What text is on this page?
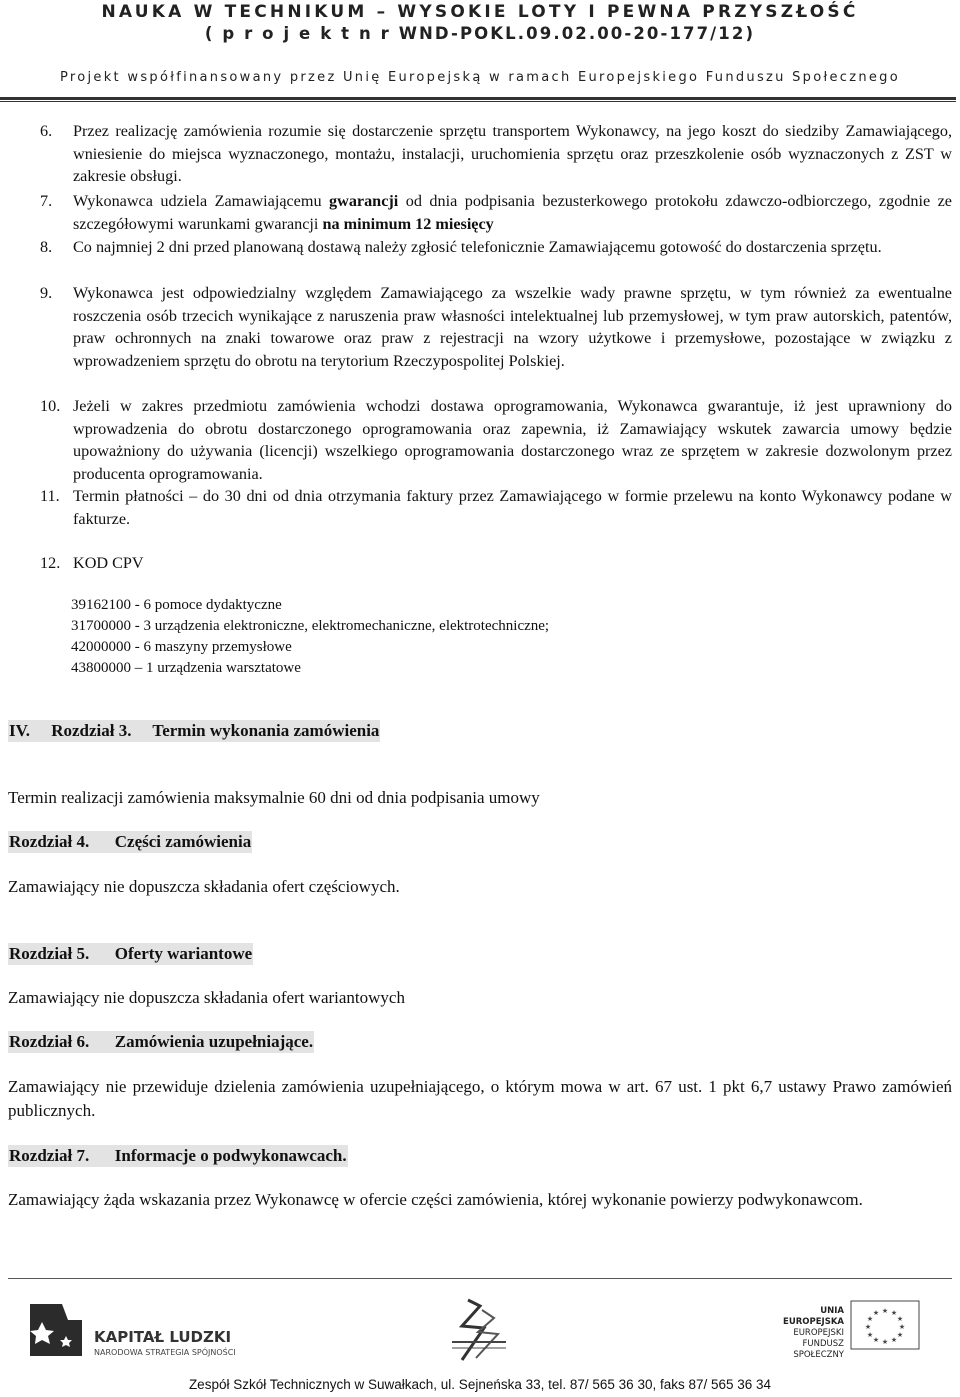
NAUKA W TECHNIKUM – WYSOKIE LOTY I PEWNA PRZYSZŁOŚĆ
( p r o j e k t n r WND-POKL.09.02.00-20-177/12)
Projekt współfinansowany przez Unię Europejską w ramach Europejskiego Funduszu Społecznego
6. Przez realizację zamówienia rozumie się dostarczenie sprzętu transportem Wykonawcy, na jego koszt do siedziby Zamawiającego, wniesienie do miejsca wyznaczonego, montażu, instalacji, uruchomienia sprzętu oraz przeszkolenie osób wyznaczonych z ZST w zakresie obsługi.
7. Wykonawca udziela Zamawiającemu gwarancji od dnia podpisania bezusterkowego protokołu zdawczo-odbiorczego, zgodnie ze szczegółowymi warunkami gwarancji na minimum 12 miesięcy
8. Co najmniej 2 dni przed planowaną dostawą należy zgłosić telefonicznie Zamawiającemu gotowość do dostarczenia sprzętu.
9. Wykonawca jest odpowiedzialny względem Zamawiającego za wszelkie wady prawne sprzętu, w tym również za ewentualne roszczenia osób trzecich wynikające z naruszenia praw własności intelektualnej lub przemysłowej, w tym praw autorskich, patentów, praw ochronnych na znaki towarowe oraz praw z rejestracji na wzory użytkowe i przemysłowe, pozostające w związku z wprowadzeniem sprzętu do obrotu na terytorium Rzeczypospolitej Polskiej.
10. Jeżeli w zakres przedmiotu zamówienia wchodzi dostawa oprogramowania, Wykonawca gwarantuje, iż jest uprawniony do wprowadzenia do obrotu dostarczonego oprogramowania oraz zapewnia, iż Zamawiający wskutek zawarcia umowy będzie upoważniony do używania (licencji) wszelkiego oprogramowania dostarczonego wraz ze sprzętem w zakresie dozwolonym przez producenta oprogramowania.
11. Termin płatności – do 30 dni od dnia otrzymania faktury przez Zamawiającego w formie przelewu na konto Wykonawcy podane w fakturze.
12. KOD CPV
39162100 - 6 pomoce dydaktyczne
31700000 - 3 urządzenia elektroniczne, elektromechaniczne, elektrotechniczne;
42000000 - 6 maszyny przemysłowe
43800000 – 1 urządzenia warsztatowe
IV.     Rozdział 3.     Termin wykonania zamówienia
Termin realizacji zamówienia maksymalnie 60 dni od dnia podpisania umowy
Rozdział 4.      Części zamówienia
Zamawiający nie dopuszcza składania ofert częściowych.
Rozdział 5.      Oferty wariantowe
Zamawiający nie dopuszcza składania ofert wariantowych
Rozdział 6.      Zamówienia uzupełniające.
Zamawiający nie przewiduje dzielenia zamówienia uzupełniającego, o którym mowa w art. 67 ust. 1 pkt 6,7 ustawy Prawo zamówień publicznych.
Rozdział 7.      Informacje o podwykonawcach.
Zamawiający żąda wskazania przez Wykonawcę w ofercie części zamówienia, której wykonanie powierzy podwykonawcom.
KAPITAŁ LUDZKI
NARODOWA STRATEGIA SPÓJNOŚCI
UNIA EUROPEJSKA
EUROPEJSKI
FUNDUSZ SPOŁECZNY
★ ★
★
★
★
★
★
★
★
★
★
★
Zespół Szkół Technicznych w Suwałkach, ul. Sejneńska 33, tel. 87/ 565 36 30, faks 87/ 565 36 34
